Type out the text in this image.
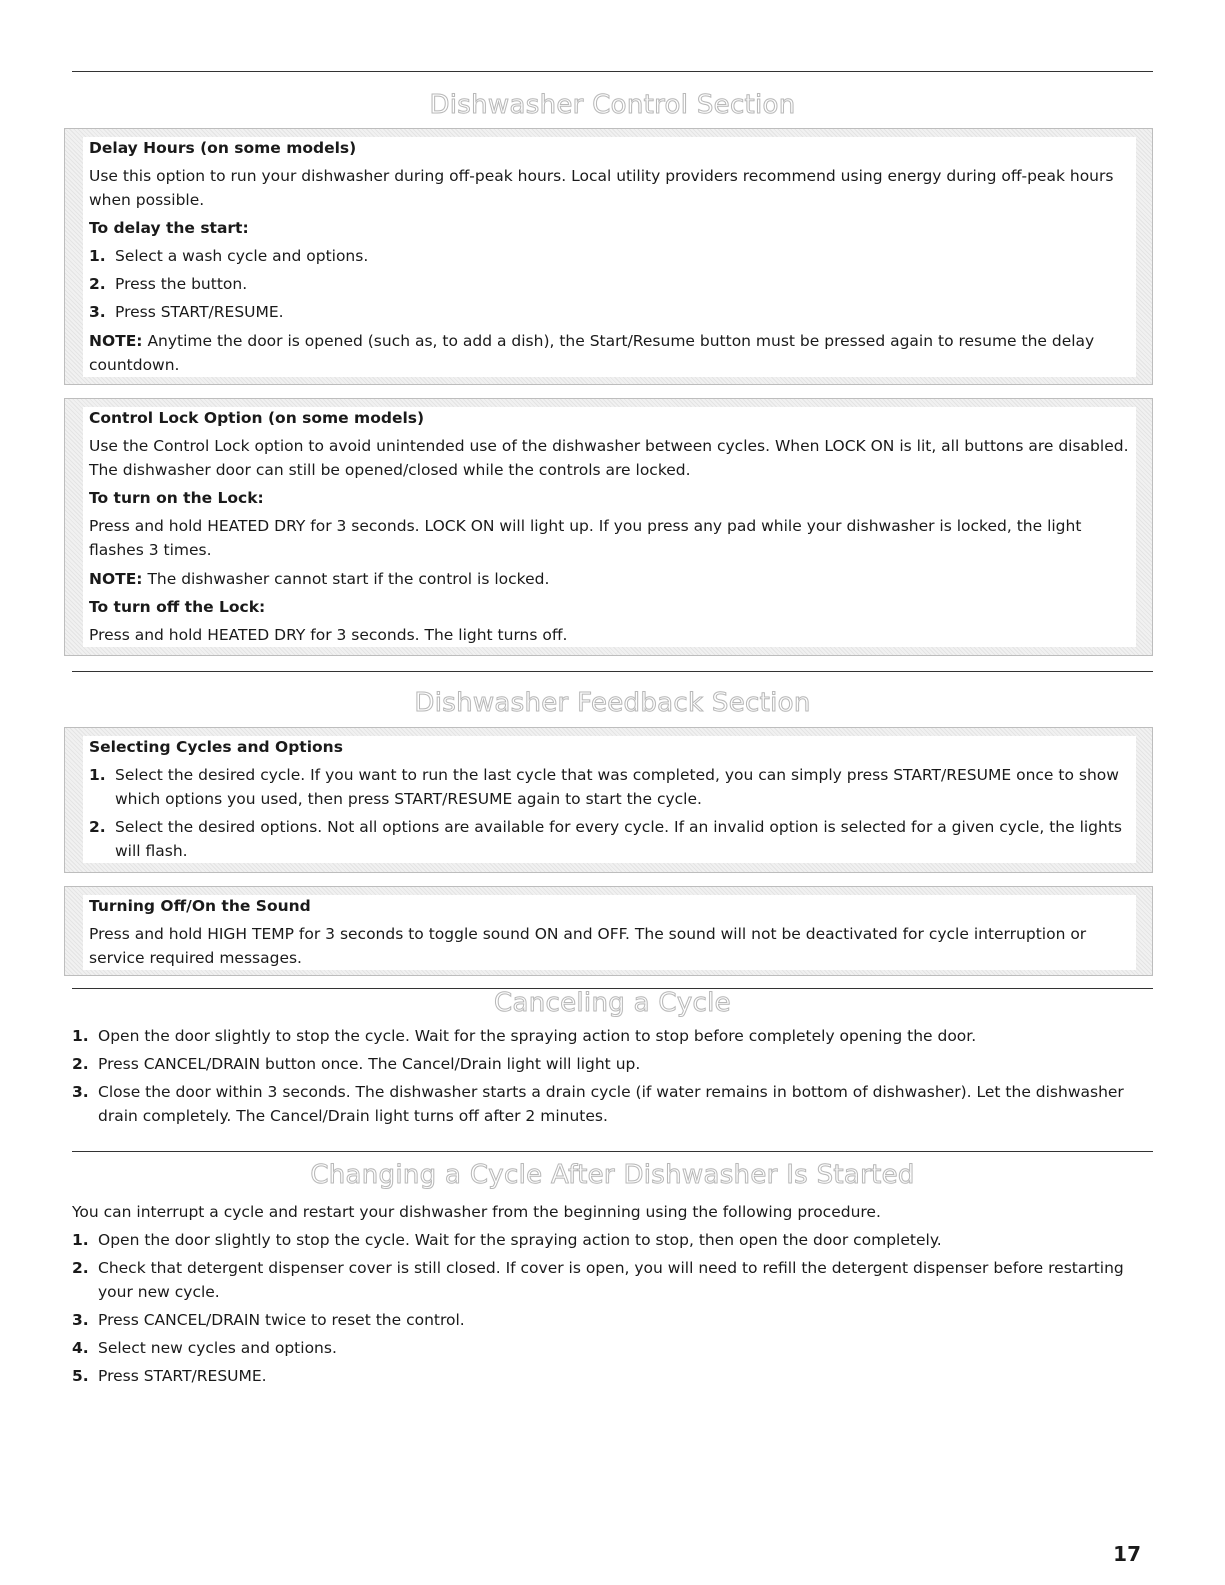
Dishwasher Control Section
Delay Hours (on some models)
Use this option to run your dishwasher during off-peak hours. Local utility providers recommend using energy during off-peak hours when possible.
To delay the start:
1. Select a wash cycle and options.
2. Press the button.
3. Press START/RESUME.
NOTE: Anytime the door is opened (such as, to add a dish), the Start/Resume button must be pressed again to resume the delay countdown.
Control Lock Option (on some models)
Use the Control Lock option to avoid unintended use of the dishwasher between cycles. When LOCK ON is lit, all buttons are disabled. The dishwasher door can still be opened/closed while the controls are locked.
To turn on the Lock:
Press and hold HEATED DRY for 3 seconds. LOCK ON will light up. If you press any pad while your dishwasher is locked, the light flashes 3 times.
NOTE: The dishwasher cannot start if the control is locked.
To turn off the Lock:
Press and hold HEATED DRY for 3 seconds. The light turns off.
Dishwasher Feedback Section
Selecting Cycles and Options
1. Select the desired cycle. If you want to run the last cycle that was completed, you can simply press START/RESUME once to show which options you used, then press START/RESUME again to start the cycle.
2. Select the desired options. Not all options are available for every cycle. If an invalid option is selected for a given cycle, the lights will flash.
Turning Off/On the Sound
Press and hold HIGH TEMP for 3 seconds to toggle sound ON and OFF. The sound will not be deactivated for cycle interruption or service required messages.
Canceling a Cycle
1. Open the door slightly to stop the cycle. Wait for the spraying action to stop before completely opening the door.
2. Press CANCEL/DRAIN button once. The Cancel/Drain light will light up.
3. Close the door within 3 seconds. The dishwasher starts a drain cycle (if water remains in bottom of dishwasher). Let the dishwasher drain completely. The Cancel/Drain light turns off after 2 minutes.
Changing a Cycle After Dishwasher Is Started
You can interrupt a cycle and restart your dishwasher from the beginning using the following procedure.
1. Open the door slightly to stop the cycle. Wait for the spraying action to stop, then open the door completely.
2. Check that detergent dispenser cover is still closed. If cover is open, you will need to refill the detergent dispenser before restarting your new cycle.
3. Press CANCEL/DRAIN twice to reset the control.
4. Select new cycles and options.
5. Press START/RESUME.
17
